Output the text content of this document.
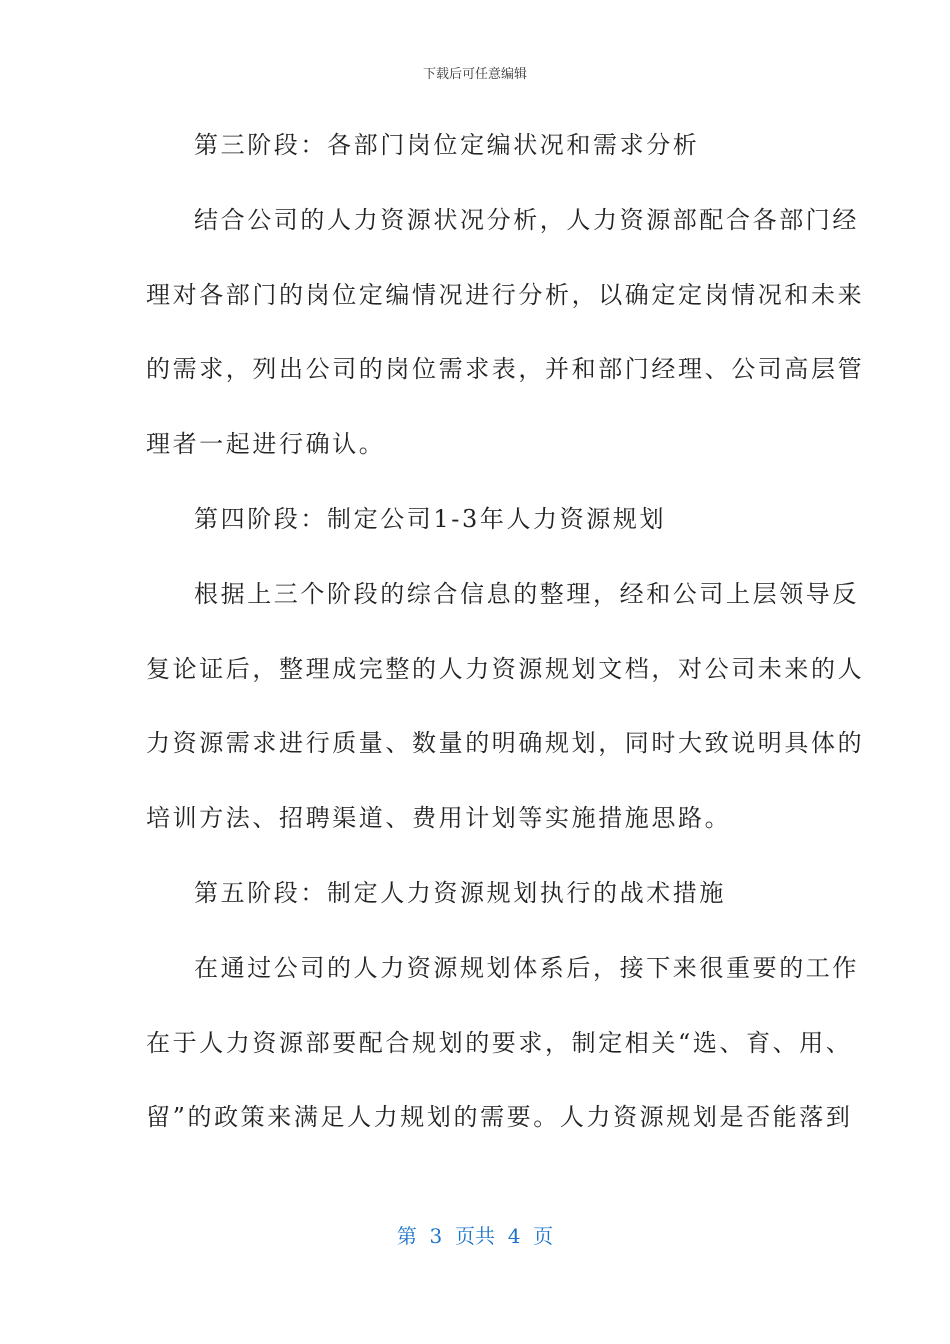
下载后可任意编辑
第三阶段：各部门岗位定编状况和需求分析
结合公司的人力资源状况分析，人力资源部配合各部门经
理对各部门的岗位定编情况进行分析，以确定定岗情况和未来
的需求，列出公司的岗位需求表，并和部门经理、公司高层管
理者一起进行确认。
第四阶段：制定公司1-3年人力资源规划
根据上三个阶段的综合信息的整理，经和公司上层领导反
复论证后，整理成完整的人力资源规划文档，对公司未来的人
力资源需求进行质量、数量的明确规划，同时大致说明具体的
培训方法、招聘渠道、费用计划等实施措施思路。
第五阶段：制定人力资源规划执行的战术措施
在通过公司的人力资源规划体系后，接下来很重要的工作
在于人力资源部要配合规划的要求，制定相关“选、育、用、
留”的政策来满足人力规划的需要。人力资源规划是否能落到
第  3  页共  4  页
